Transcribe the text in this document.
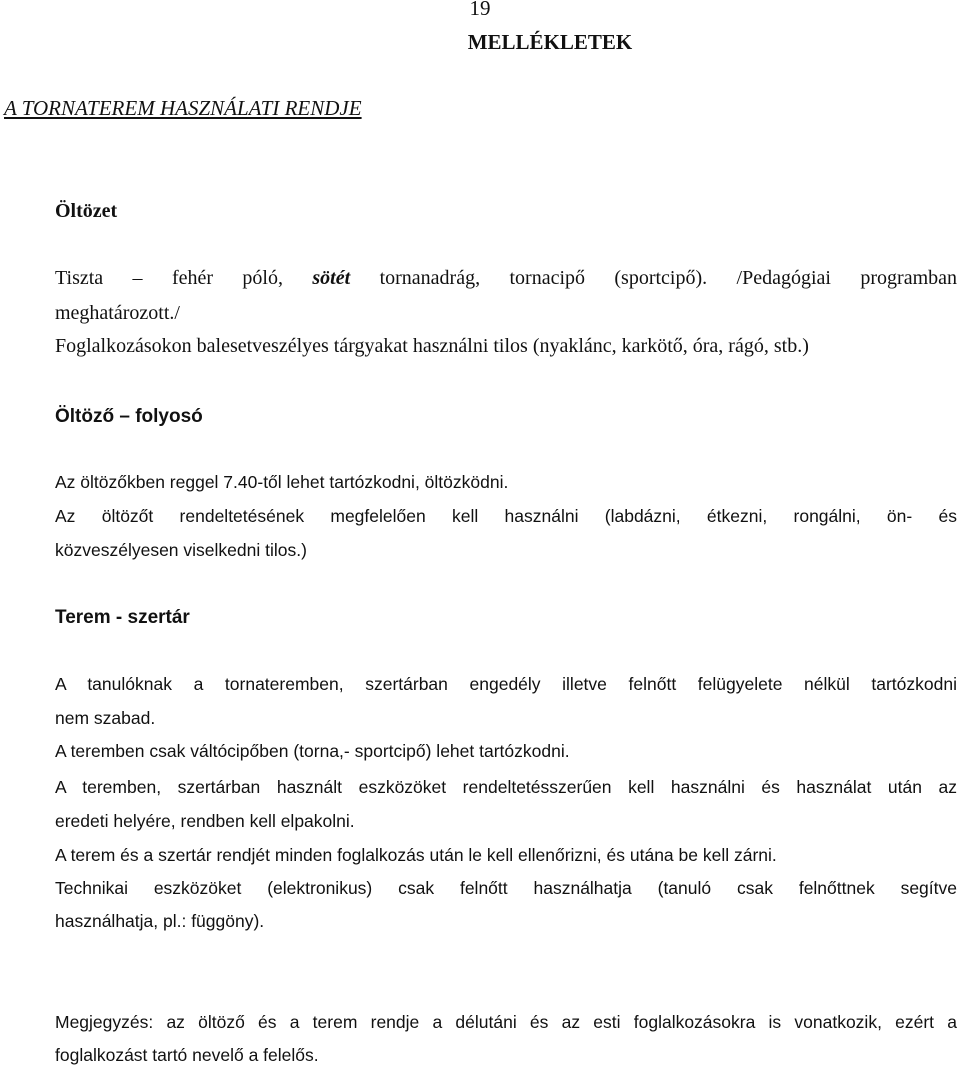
19

MELLÉKLETEK

A TORNATEREM HASZNÁLATI RENDJE

Öltözet

Tiszta – fehér póló, sötét tornanadrág, tornacipő (sportcipő). /Pedagógiai programban

meghatározott./

Foglalkozásokon balesetveszélyes tárgyakat használni tilos (nyaklánc, karkötő, óra, rágó, stb.)

Öltöző – folyosó

Az öltözőkben reggel 7.40-től lehet tartózkodni, öltözködni.

Az öltözőt rendeltetésének megfelelően kell használni (labdázni, étkezni, rongálni, ön- és

közveszélyesen viselkedni tilos.)

Terem - szertár

A tanulóknak a tornateremben, szertárban engedély illetve felnőtt felügyelete nélkül tartózkodni

nem szabad.

A teremben csak váltócipőben (torna,- sportcipő) lehet tartózkodni.

A teremben, szertárban használt eszközöket rendeltetésszerűen kell használni és használat után az

eredeti helyére, rendben kell elpakolni.

A terem és a szertár rendjét minden foglalkozás után le kell ellenőrizni, és utána be kell zárni.

Technikai eszközöket (elektronikus) csak felnőtt használhatja (tanuló csak felnőttnek segítve

használhatja, pl.: függöny).

Megjegyzés: az öltöző és a terem rendje a délutáni és az esti foglalkozásokra is vonatkozik, ezért a

foglalkozást tartó nevelő a felelős.
